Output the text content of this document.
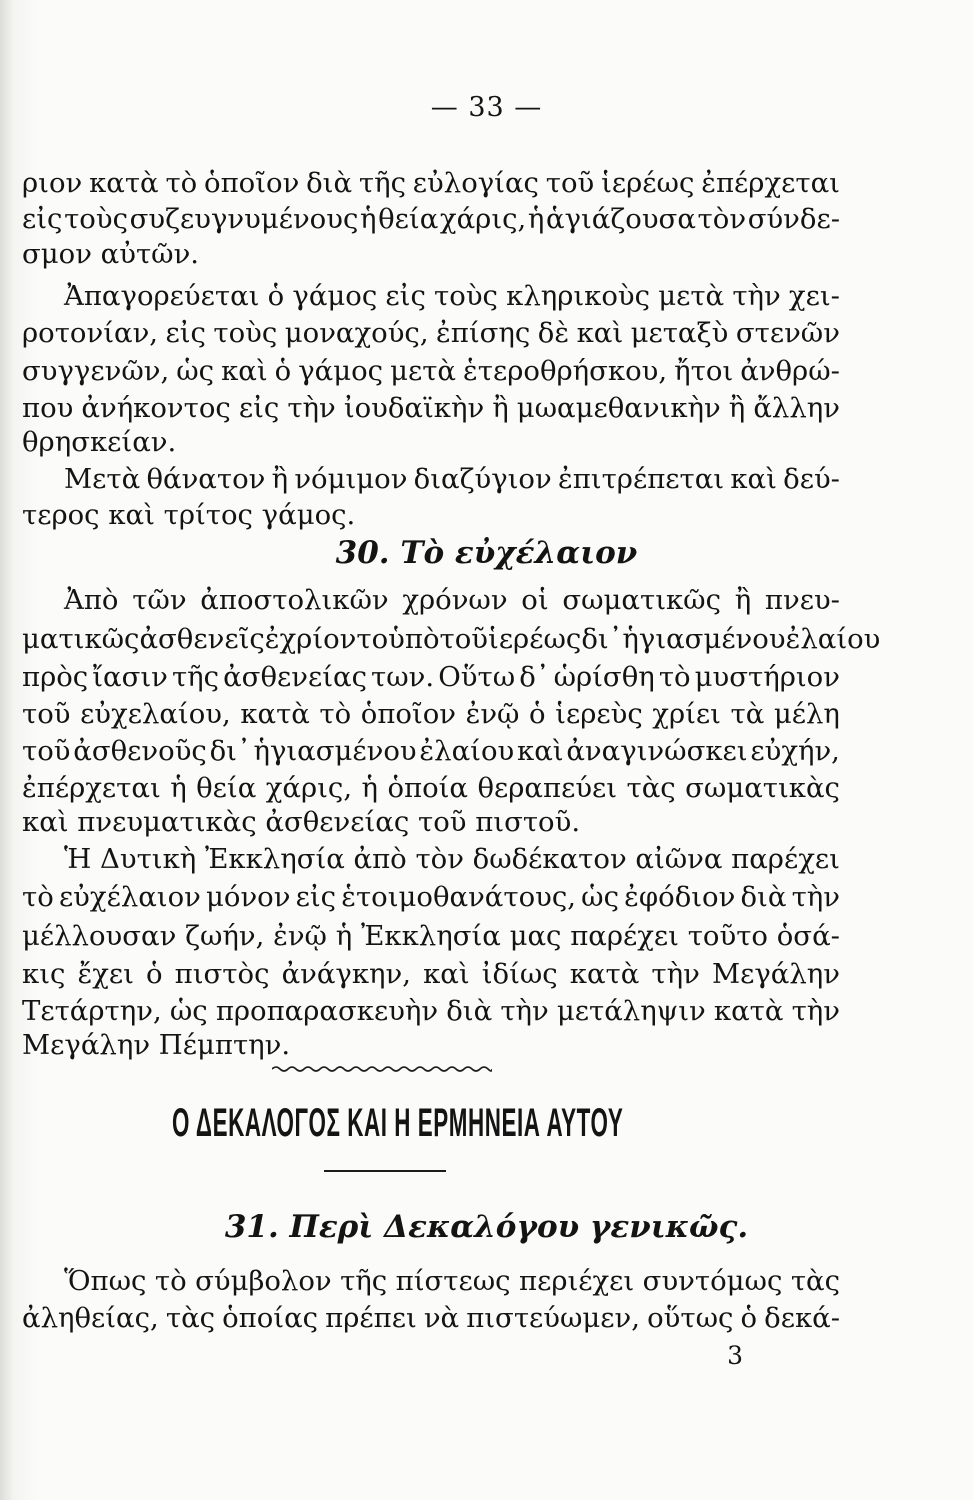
— 33 —

ριον κατὰ τὸ ὁποῖον διὰ τῆς εὐλογίας τοῦ ἱερέως ἐπέρχεται

εἰς τοὺς συζευγνυμένους ἡ θεία χάρις, ἡ ἁγιάζουσα τὸν σύνδε-

σμον αὐτῶν.

Ἀπαγορεύεται ὁ γάμος εἰς τοὺς κληρικοὺς μετὰ τὴν χει-

ροτονίαν, εἰς τοὺς μοναχούς, ἐπίσης δὲ καὶ μεταξὺ στενῶν

συγγενῶν, ὡς καὶ ὁ γάμος μετὰ ἑτεροθρήσκου, ἤτοι ἀνθρώ-

που ἀνήκοντος εἰς τὴν ἰουδαϊκὴν ἢ μωαμεθανικὴν ἢ ἄλλην

θρησκείαν.

Μετὰ θάνατον ἢ νόμιμον διαζύγιον ἐπιτρέπεται καὶ δεύ-

τερος καὶ τρίτος γάμος.

30. Τὸ εὐχέλαιον

Ἀπὸ τῶν ἀποστολικῶν χρόνων οἱ σωματικῶς ἢ πνευ-

ματικῶς ἀσθενεῖς ἐχρίοντο ὑπὸ τοῦ ἱερέως δι᾽ ἡγιασμένου ἐλαίου

πρὸς ἴασιν τῆς ἀσθενείας των. Οὕτω δ᾽ ὡρίσθη τὸ μυστήριον

τοῦ εὐχελαίου, κατὰ τὸ ὁποῖον ἐνῷ ὁ ἱερεὺς χρίει τὰ μέλη

τοῦ ἀσθενοῦς δι᾽ ἡγιασμένου ἐλαίου καὶ ἀναγινώσκει εὐχήν,

ἐπέρχεται ἡ θεία χάρις, ἡ ὁποία θεραπεύει τὰς σωματικὰς

καὶ πνευματικὰς ἀσθενείας τοῦ πιστοῦ.

Ἡ Δυτικὴ Ἐκκλησία ἀπὸ τὸν δωδέκατον αἰῶνα παρέχει

τὸ εὐχέλαιον μόνον εἰς ἑτοιμοθανάτους, ὡς ἐφόδιον διὰ τὴν

μέλλουσαν ζωήν, ἐνῷ ἡ Ἐκκλησία μας παρέχει τοῦτο ὁσά-

κις ἔχει ὁ πιστὸς ἀνάγκην, καὶ ἰδίως κατὰ τὴν Μεγάλην

Τετάρτην, ὡς προπαρασκευὴν διὰ τὴν μετάληψιν κατὰ τὴν

Μεγάλην Πέμπτην.

Ο ΔΕΚΑΛΟΓΟΣ ΚΑΙ Η ΕΡΜΗΝΕΙΑ ΑΥΤΟΥ
31. Περὶ Δεκαλόγου γενικῶς.

Ὅπως τὸ σύμβολον τῆς πίστεως περιέχει συντόμως τὰς

ἀληθείας, τὰς ὁποίας πρέπει νὰ πιστεύωμεν, οὕτως ὁ δεκά-

3
